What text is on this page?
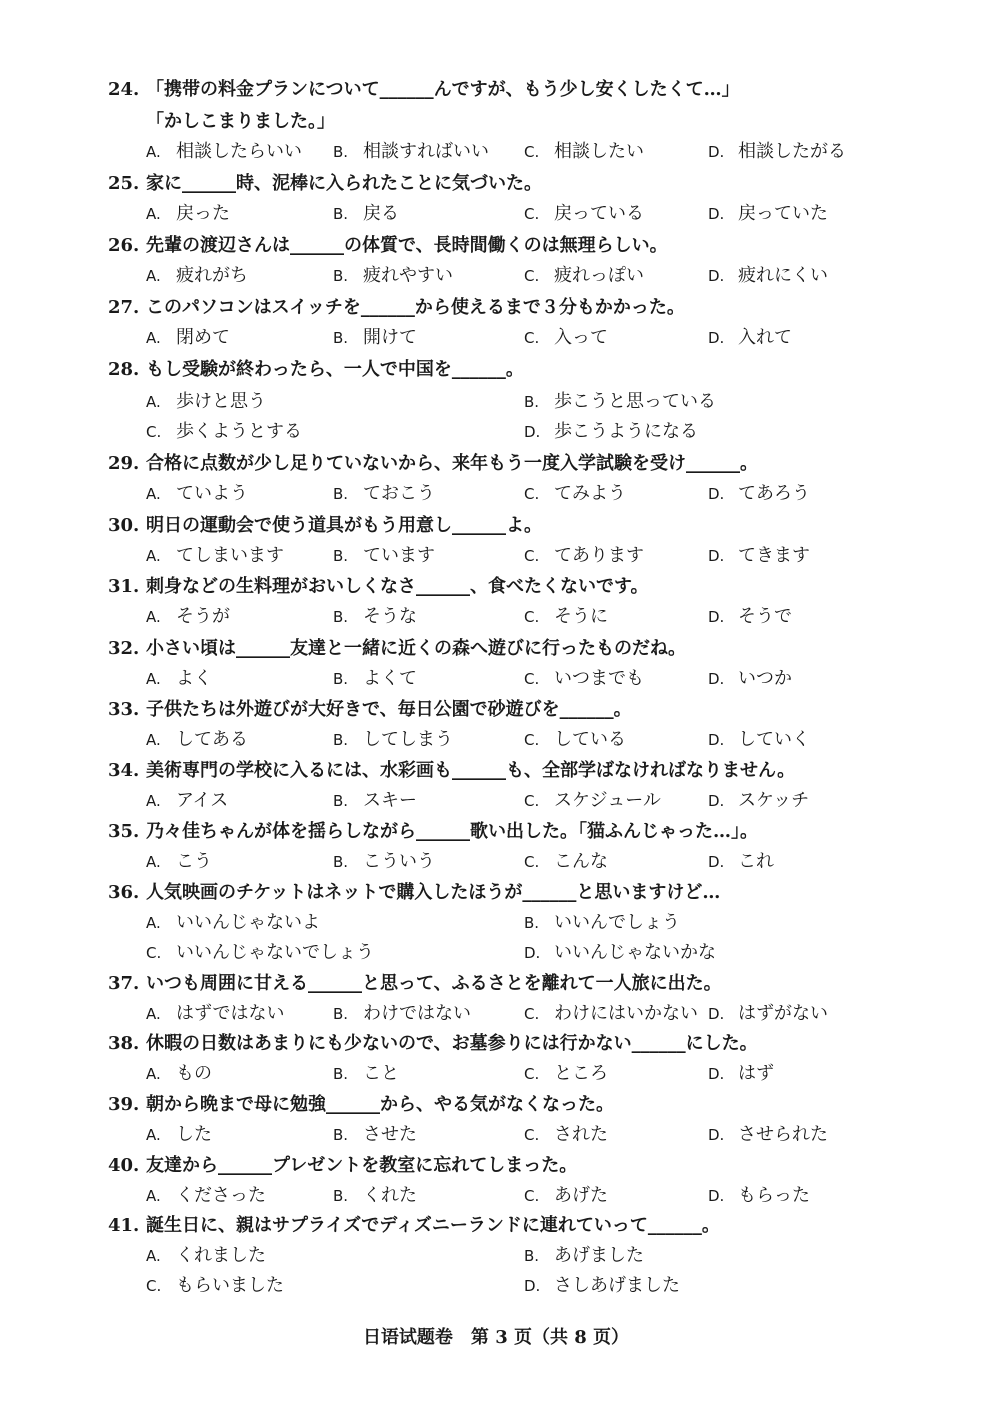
24. 「携带の料金プランについて______んですが、もう少し安くしたくて…」
「かしこまりました。」
A. 相談したらいい B. 相談すればいい C. 相談したい	D. 相談したがる
25. 家に______時、泥棒に入られたことに気づいた。
A. 戻った	B. 戻る	C. 戻っている	D. 戻っていた
26. 先輩の渡辺さんは______の体質で、長時間働くのは無理らしい。
A. 疲れがち	B. 疲れやすい	C. 疲れっぽい	D. 疲れにくい
27. このパソコンはスイッチを______から使えるまで３分もかかった。
A. 閉めて	B. 開けて	C. 入って	D. 入れて
28. もし受験が終わったら、一人で中国を______。
A. 歩けと思う	B. 歩こうと思っている
C. 歩くようとする	D. 歩こうようになる
29. 合格に点数が少し足りていないから、来年もう一度入学試験を受け______。
A. ていよう	B. ておこう	C. てみよう	D. てあろう
30. 明日の運動会で使う道具がもう用意し______よ。
A. てしまいます	B. ています	C. てあります	D. てきます
31. 刺身などの生料理がおいしくなさ______、食べたくないです。
A. そうが	B. そうな	C. そうに	D. そうで
32. 小さい頃は______友達と一緒に近くの森へ遊びに行ったものだね。
A. よく	B. よくて	C. いつまでも	D. いつか
33. 子供たちは外遊びが大好きで、毎日公園で砂遊びを______。
A. してある	B. してしまう	C. している	D. していく
34. 美術専門の学校に入るには、水彩画も______も、全部学ばなければなりません。
A. アイス	B. スキー	C. スケジュール	D. スケッチ
35. 乃々佳ちゃんが体を揺らしながら______歌い出した。「猫ふんじゃった…」。
A. こう	B. こういう	C. こんな	D. これ
36. 人気映画のチケットはネットで購入したほうが______と思いますけど…
A. いいんじゃないよ	B. いいんでしょう
C. いいんじゃないでしょう	D. いいんじゃないかな
37. いつも周囲に甘える______と思って、ふるさとを離れて一人旅に出た。
A. はずではない	B. わけではない	C. わけにはいかない D. はずがない
38. 休暇の日数はあまりにも少ないので、お墓参りには行かない______にした。
A. もの	B. こと	C. ところ	D. はず
39. 朝から晩まで母に勉強______から、やる気がなくなった。
A. した	B. させた	C. された	D. させられた
40. 友達から______プレゼントを教室に忘れてしまった。
A. くださった	B. くれた	C. あげた	D. もらった
41. 誕生日に、親はサプライズでディズニーランドに連れていって______。
A. くれました	B. あげました
C. もらいました	D. さしあげました
日语试题卷　第 3 页（共 8 页）
